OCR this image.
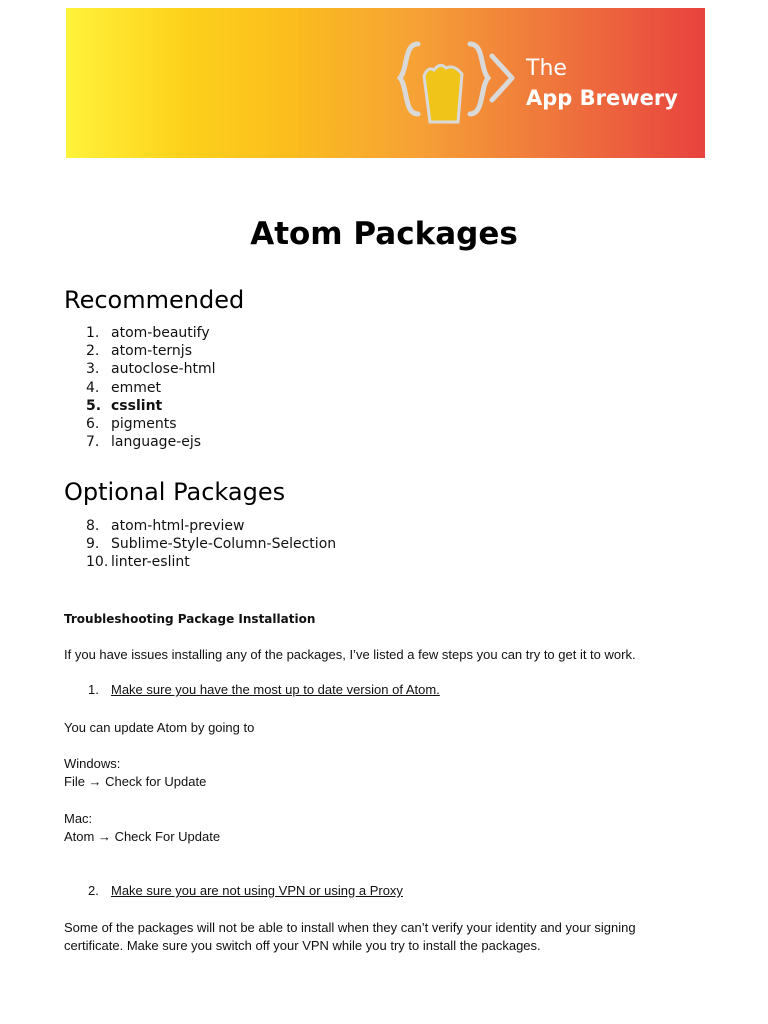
The
App Brewery
Atom Packages
Recommended
1. atom-beautify
2. atom-ternjs
3. autoclose-html
4. emmet
5. csslint
6. pigments
7. language-ejs
Optional Packages
8. atom-html-preview
9. Sublime-Style-Column-Selection
10. linter-eslint

Troubleshooting Package Installation

If you have issues installing any of the packages, I’ve listed a few steps you can try to get it to work.

1. Make sure you have the most up to date version of Atom.

You can update Atom by going to

Windows:

File → Check for Update

Mac:

Atom → Check For Update

2. Make sure you are not using VPN or using a Proxy

Some of the packages will not be able to install when they can’t verify your identity and your signing

certificate. Make sure you switch off your VPN while you try to install the packages.
